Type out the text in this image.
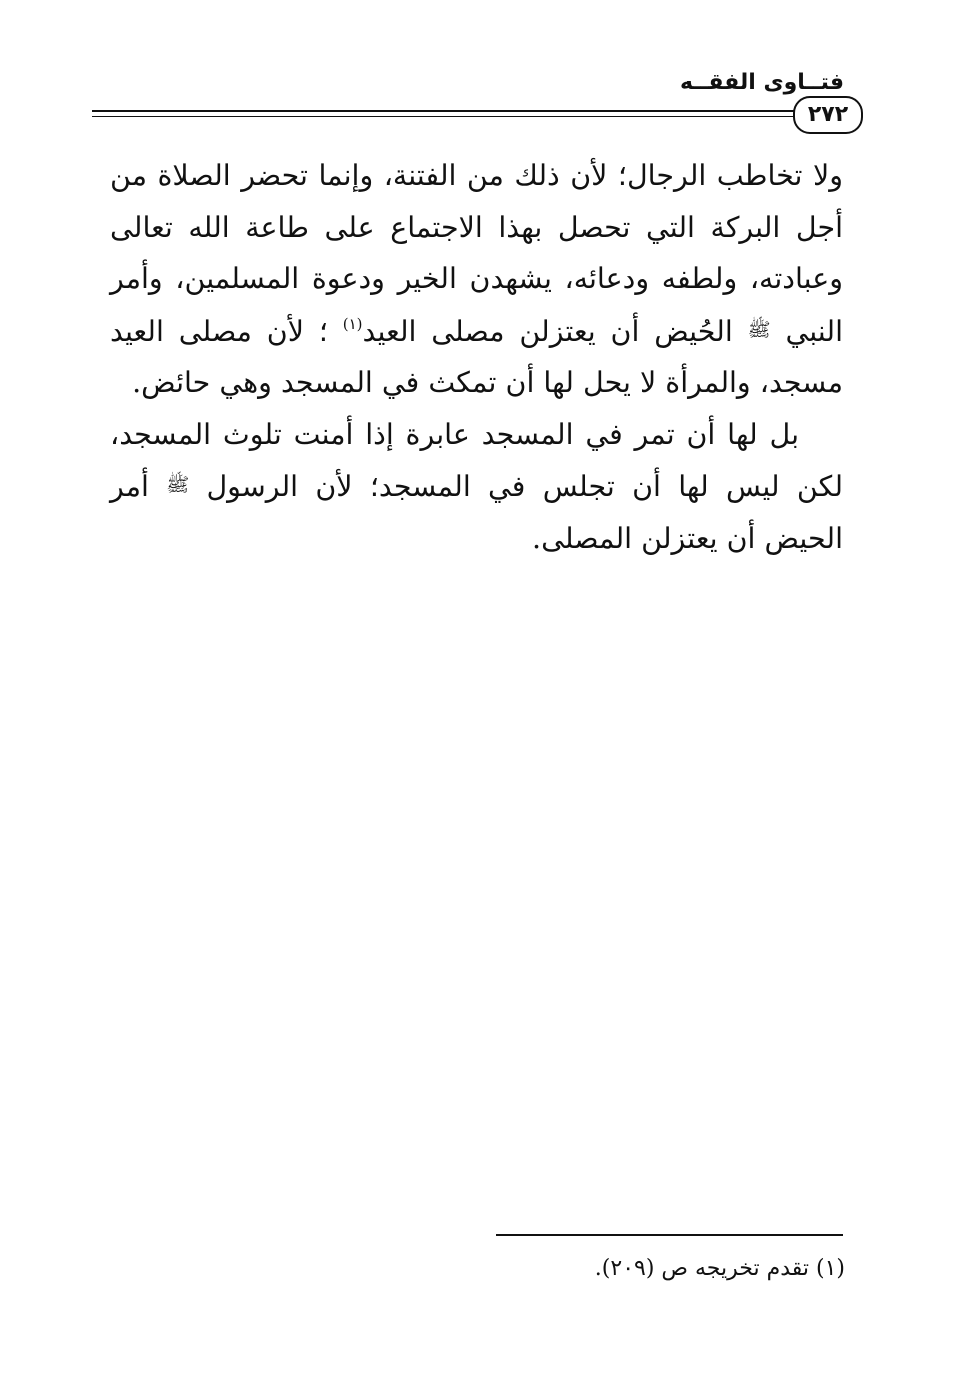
فتــاوى الفقــه
٢٧٢

ولا تخاطب الرجال؛ لأن ذلك من الفتنة، وإنما تحضر الصلاة من أجل البركة التي تحصل بهذا الاجتماع على طاعة الله تعالى وعبادته، ولطفه ودعائه، يشهدن الخير ودعوة المسلمين، وأمر النبي ﷺ الحُيض أن يعتزلن مصلى العيد$^{(١)}$ ؛ لأن مصلى العيد مسجد، والمرأة لا يحل لها أن تمكث في المسجد وهي حائض.

بل لها أن تمر في المسجد عابرة إذا أمنت تلوث المسجد، لكن ليس لها أن تجلس في المسجد؛ لأن الرسول ﷺ أمر الحيض أن يعتزلن المصلى.

(١) تقدم تخريجه ص (٢٠٩).
